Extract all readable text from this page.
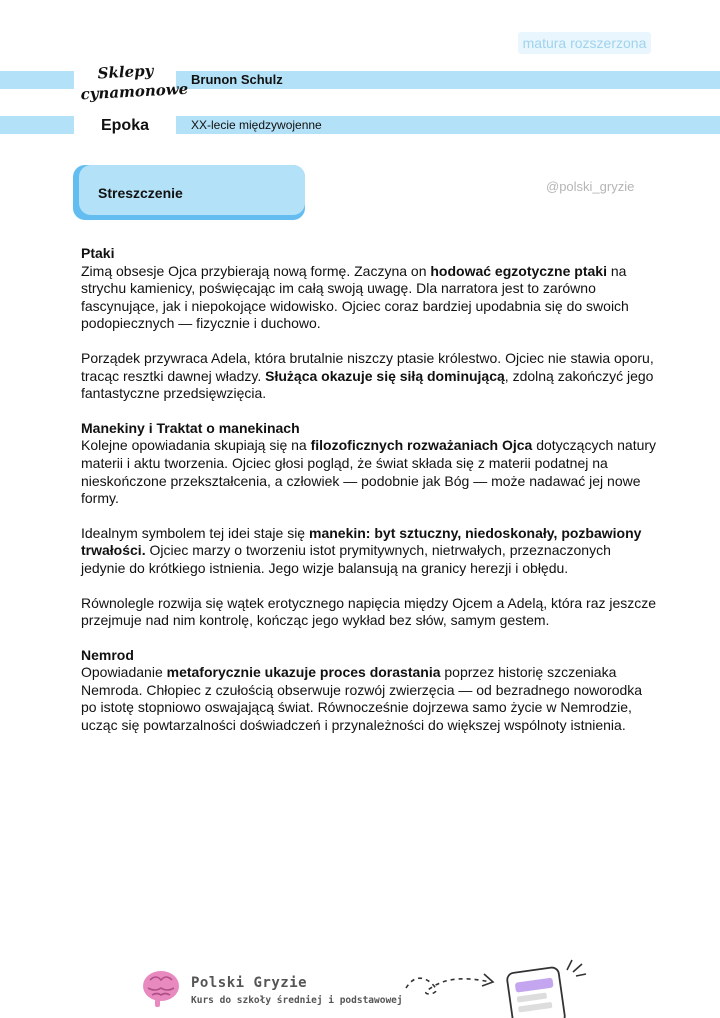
matura rozszerzona
Sklepy cynamonowe
Epoka
Brunon Schulz
XX-lecie międzywojenne
Streszczenie	@polski_gryzie
Ptaki

Zimą obsesje Ojca przybierają nową formę. Zaczyna on hodować egzotyczne ptaki na strychu kamienicy, poświęcając im całą swoją uwagę. Dla narratora jest to zarówno fascynujące, jak i niepokojące widowisko. Ojciec coraz bardziej upodabnia się do swoich podopiecznych — fizycznie i duchowo.

Porządek przywraca Adela, która brutalnie niszczy ptasie królestwo. Ojciec nie stawia oporu, tracąc resztki dawnej władzy. Służąca okazuje się siłą dominującą, zdolną zakończyć jego fantastyczne przedsięwzięcia.

Manekiny i Traktat o manekinach

Kolejne opowiadania skupiają się na filozoficznych rozważaniach Ojca dotyczących natury materii i aktu tworzenia. Ojciec głosi pogląd, że świat składa się z materii podatnej na nieskończone przekształcenia, a człowiek — podobnie jak Bóg — może nadawać jej nowe formy.

Idealnym symbolem tej idei staje się manekin: byt sztuczny, niedoskonały, pozbawiony trwałości. Ojciec marzy o tworzeniu istot prymitywnych, nietrwałych, przeznaczonych jedynie do krótkiego istnienia. Jego wizje balansują na granicy herezji i obłędu.

Równolegle rozwija się wątek erotycznego napięcia między Ojcem a Adelą, która raz jeszcze przejmuje nad nim kontrolę, kończąc jego wykład bez słów, samym gestem.

Nemrod

Opowiadanie metaforycznie ukazuje proces dorastania poprzez historię szczeniaka Nemroda. Chłopiec z czułością obserwuje rozwój zwierzęcia — od bezradnego noworodka po istotę stopniowo oswajającą świat. Równocześnie dojrzewa samo życie w Nemrodzie, ucząc się powtarzalności doświadczeń i przynależności do większej wspólnoty istnienia.

Polski Gryzie
Kurs do szkoły średniej i podstawowej
